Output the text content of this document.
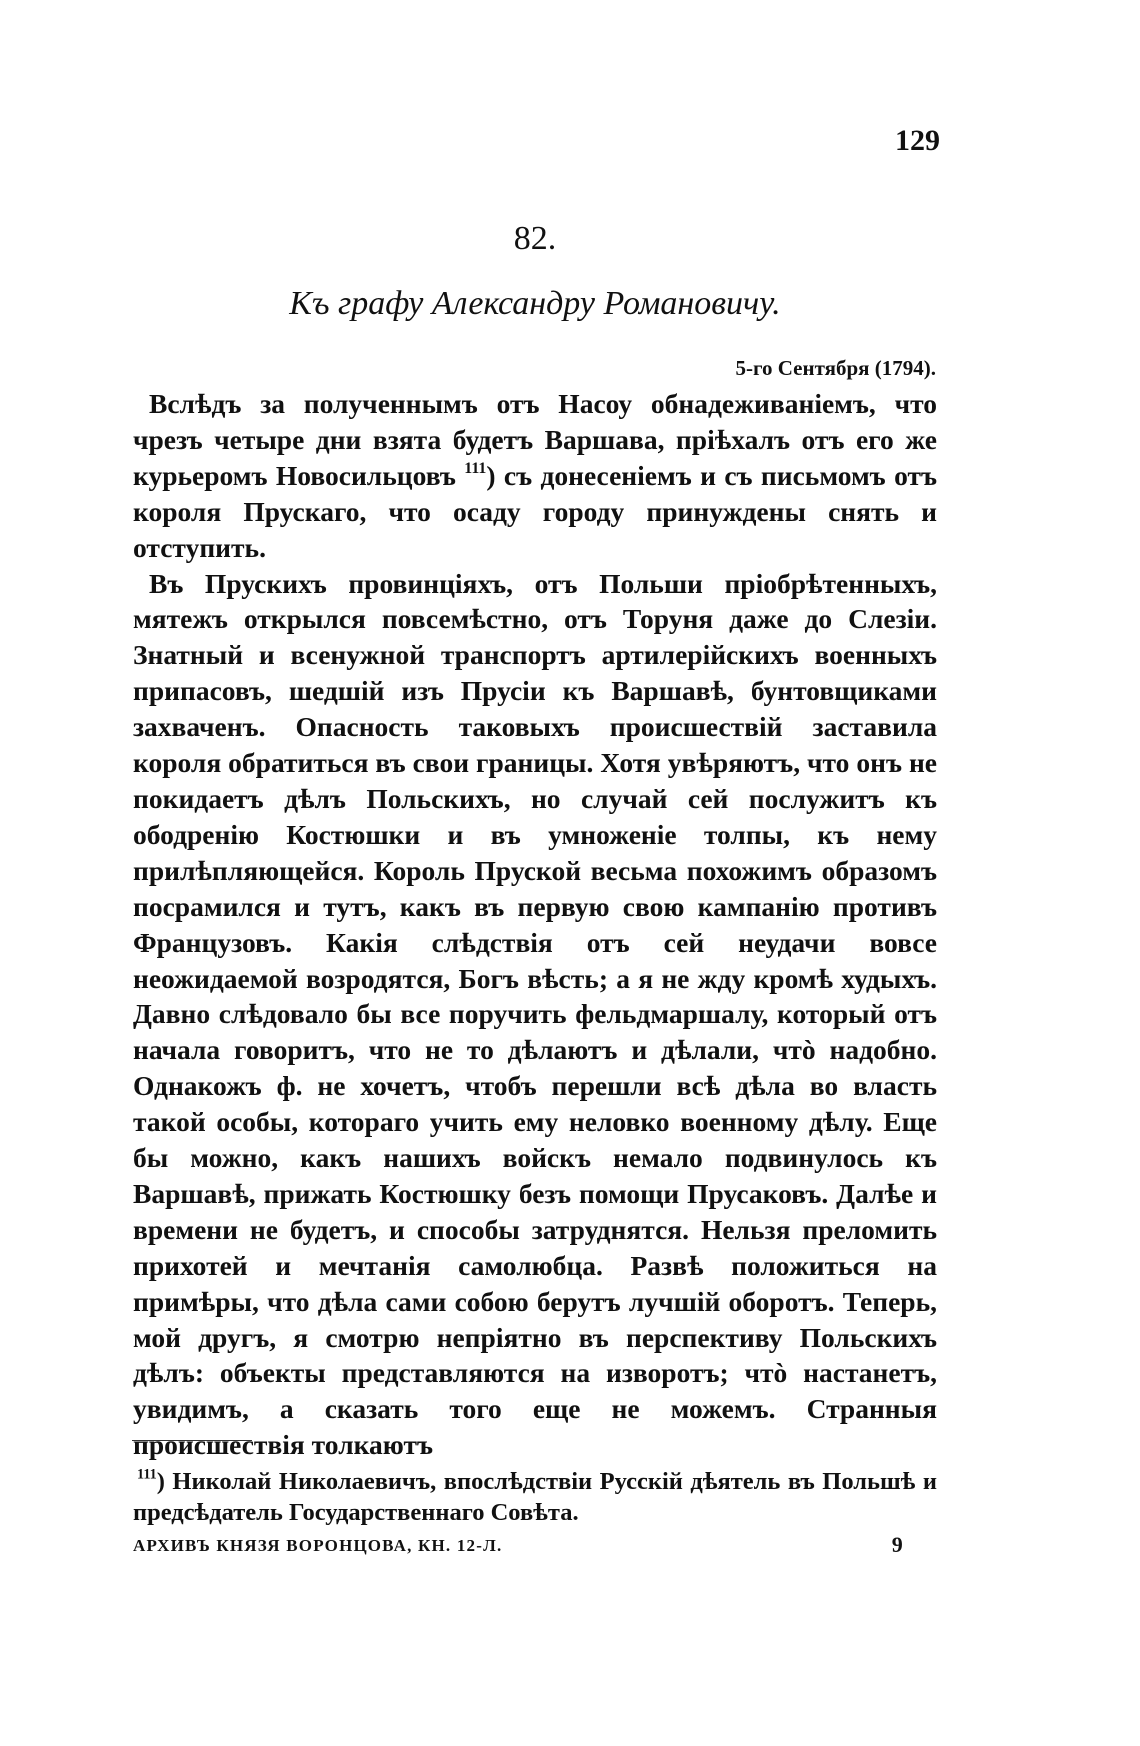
129
82.
Къ графу Александру Романовичу.
5-го Сентября (1794).

Вслѣдъ за полученнымъ отъ Насоу обнадеживаніемъ, что чрезъ четыре дни взята будетъ Варшава, пріѣхалъ отъ его же курьеромъ Новосильцовъ $^{111}$) съ донесеніемъ и съ письмомъ отъ короля Прускаго, что осаду городу принуждены снять и отступить.

Въ Прускихъ провинціяхъ, отъ Польши пріобрѣтенныхъ, мятежъ открылся повсемѣстно, отъ Торуня даже до Слезіи. Знатный и всенужной транспортъ артилерійскихъ военныхъ припасовъ, шедшій изъ Прусіи къ Варшавѣ, бунтовщиками захваченъ. Опасность таковыхъ происшествій заставила короля обратиться въ свои границы. Хотя увѣряютъ, что онъ не покидаетъ дѣлъ Польскихъ, но случай сей послужитъ къ ободренію Костюшки и въ умноженіе толпы, къ нему прилѣпляющейся. Король Пруской весьма похожимъ образомъ посрамился и тутъ, какъ въ первую свою кампанію противъ Французовъ. Какія слѣдствія отъ сей неудачи вовсе неожидаемой возродятся, Богъ вѣсть; а я не жду кромѣ худыхъ. Давно слѣдовало бы все поручить фельдмаршалу, который отъ начала говоритъ, что не то дѣлаютъ и дѣлали, чтò надобно. Однакожъ ф. не хочетъ, чтобъ перешли всѣ дѣла во власть такой особы, котораго учить ему неловко военному дѣлу. Еще бы можно, какъ нашихъ войскъ немало подвинулось къ Варшавѣ, прижать Костюшку безъ помощи Прусаковъ. Далѣе и времени не будетъ, и способы затруднятся. Нельзя преломить прихотей и мечтанія самолюбца. Развѣ положиться на примѣры, что дѣла сами собою берутъ лучшій оборотъ. Теперь, мой другъ, я смотрю непріятно въ перспективу Польскихъ дѣлъ: объекты представляются на изворотъ; чтò настанетъ, увидимъ, а сказать того еще не можемъ. Странныя происшествія толкаютъ

$^{111}$) Николай Николаевичъ, впослѣдствіи Русскій дѣятель въ Польшѣ и предсѣдатель Государственнаго Совѣта.
АРХИВЪ КНЯЗЯ ВОРОНЦОВА, КН. 12-Л.	9
